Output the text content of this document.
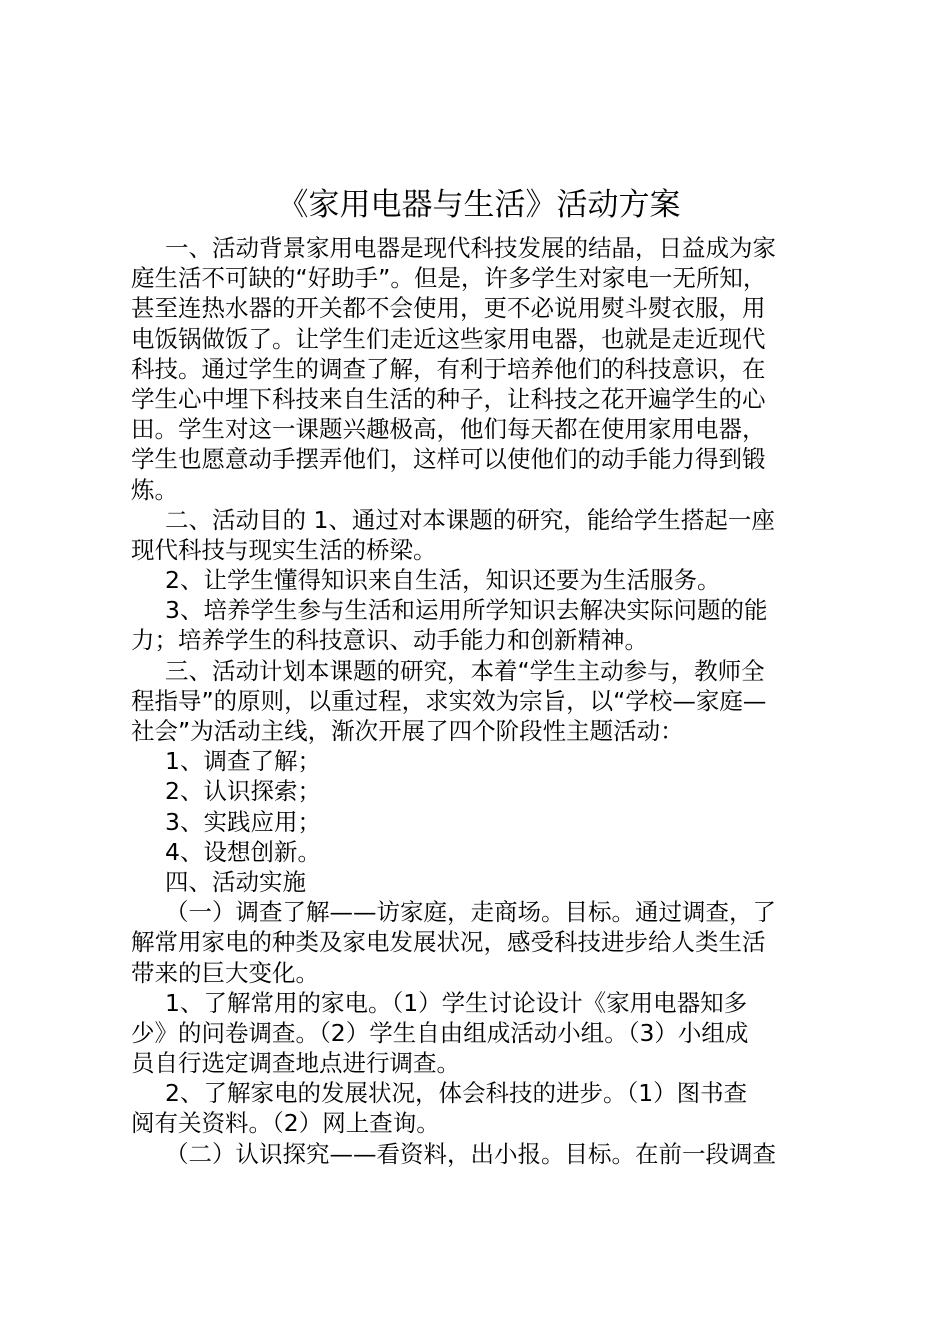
《家用电器与生活》活动方案
一、活动背景家用电器是现代科技发展的结晶，日益成为家
庭生活不可缺的“好助手”。但是，许多学生对家电一无所知，
甚至连热水器的开关都不会使用，更不必说用熨斗熨衣服，用
电饭锅做饭了。让学生们走近这些家用电器，也就是走近现代
科技。通过学生的调查了解，有利于培养他们的科技意识，在
学生心中埋下科技来自生活的种子，让科技之花开遍学生的心
田。学生对这一课题兴趣极高，他们每天都在使用家用电器，
学生也愿意动手摆弄他们，这样可以使他们的动手能力得到锻
炼。
二、活动目的 1、通过对本课题的研究，能给学生搭起一座
现代科技与现实生活的桥梁。
2、让学生懂得知识来自生活，知识还要为生活服务。
3、培养学生参与生活和运用所学知识去解决实际问题的能
力；培养学生的科技意识、动手能力和创新精神。
三、活动计划本课题的研究，本着“学生主动参与，教师全
程指导”的原则，以重过程，求实效为宗旨，以“学校—家庭—
社会”为活动主线，渐次开展了四个阶段性主题活动：
1、调查了解；
2、认识探索；
3、实践应用；
4、设想创新。
四、活动实施
（一）调查了解——访家庭，走商场。目标。通过调查，了
解常用家电的种类及家电发展状况，感受科技进步给人类生活
带来的巨大变化。
1、了解常用的家电。（1）学生讨论设计《家用电器知多
少》的问卷调查。（2）学生自由组成活动小组。（3）小组成
员自行选定调查地点进行调查。
2、了解家电的发展状况，体会科技的进步。（1）图书查
阅有关资料。（2）网上查询。
（二）认识探究——看资料，出小报。目标。在前一段调查
